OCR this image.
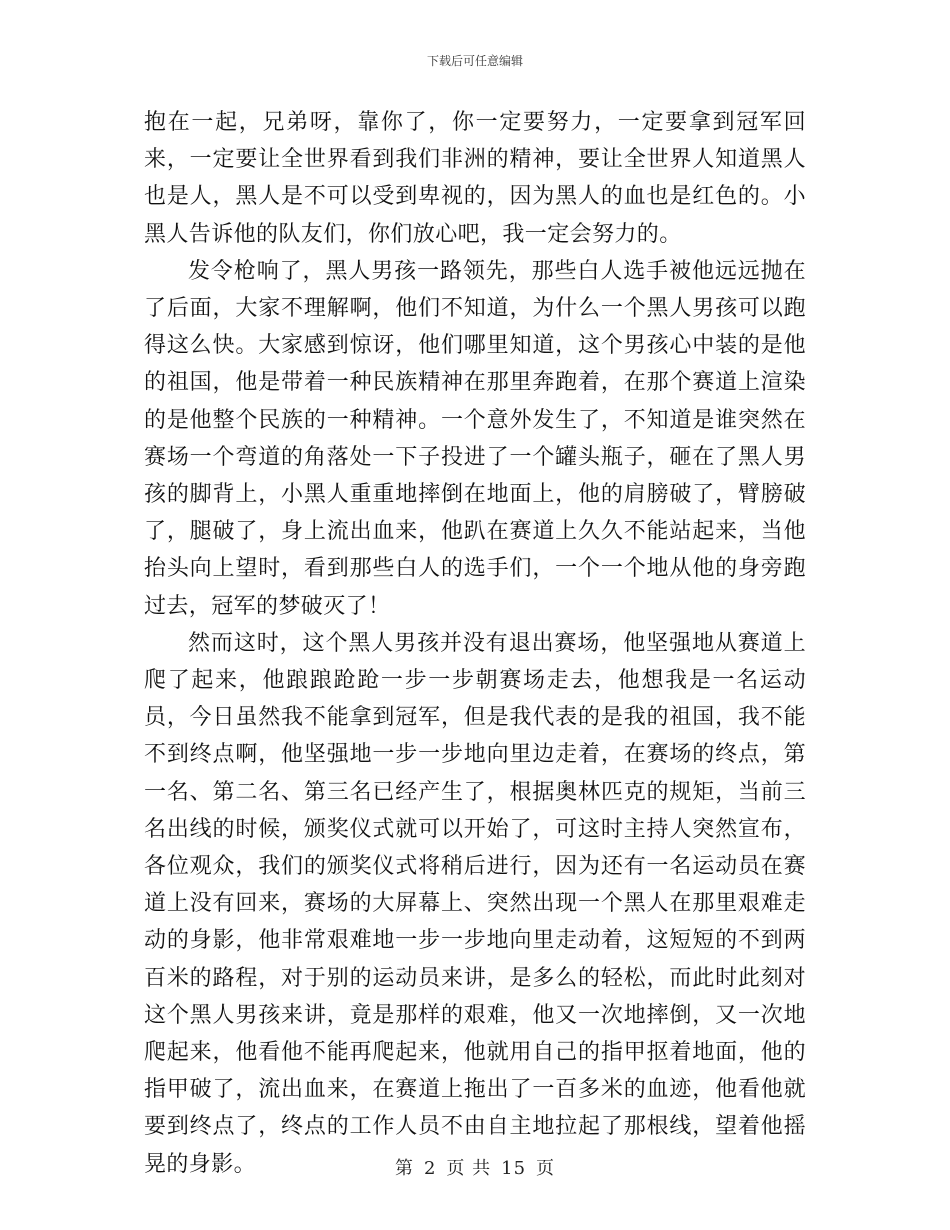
下载后可任意编辑

抱在一起，兄弟呀，靠你了，你一定要努力，一定要拿到冠军回来，一定要让全世界看到我们非洲的精神，要让全世界人知道黑人也是人，黑人是不可以受到卑视的，因为黑人的血也是红色的。小黑人告诉他的队友们，你们放心吧，我一定会努力的。

发令枪响了，黑人男孩一路领先，那些白人选手被他远远抛在了后面，大家不理解啊，他们不知道，为什么一个黑人男孩可以跑得这么快。大家感到惊讶，他们哪里知道，这个男孩心中装的是他的祖国，他是带着一种民族精神在那里奔跑着，在那个赛道上渲染的是他整个民族的一种精神。一个意外发生了，不知道是谁突然在赛场一个弯道的角落处一下子投进了一个罐头瓶子，砸在了黑人男孩的脚背上，小黑人重重地摔倒在地面上，他的肩膀破了，臂膀破了，腿破了，身上流出血来，他趴在赛道上久久不能站起来，当他抬头向上望时，看到那些白人的选手们，一个一个地从他的身旁跑过去，冠军的梦破灭了！

然而这时，这个黑人男孩并没有退出赛场，他坚强地从赛道上爬了起来，他踉踉跄跄一步一步朝赛场走去，他想我是一名运动员，今日虽然我不能拿到冠军，但是我代表的是我的祖国，我不能不到终点啊，他坚强地一步一步地向里边走着，在赛场的终点，第一名、第二名、第三名已经产生了，根据奥林匹克的规矩，当前三名出线的时候，颁奖仪式就可以开始了，可这时主持人突然宣布，各位观众，我们的颁奖仪式将稍后进行，因为还有一名运动员在赛道上没有回来，赛场的大屏幕上、突然出现一个黑人在那里艰难走动的身影，他非常艰难地一步一步地向里走动着，这短短的不到两百米的路程，对于别的运动员来讲，是多么的轻松，而此时此刻对这个黑人男孩来讲，竟是那样的艰难，他又一次地摔倒，又一次地爬起来，他看他不能再爬起来，他就用自己的指甲抠着地面，他的指甲破了，流出血来，在赛道上拖出了一百多米的血迹，他看他就要到终点了，终点的工作人员不由自主地拉起了那根线，望着他摇晃的身影。	第 2 页 共 15 页
